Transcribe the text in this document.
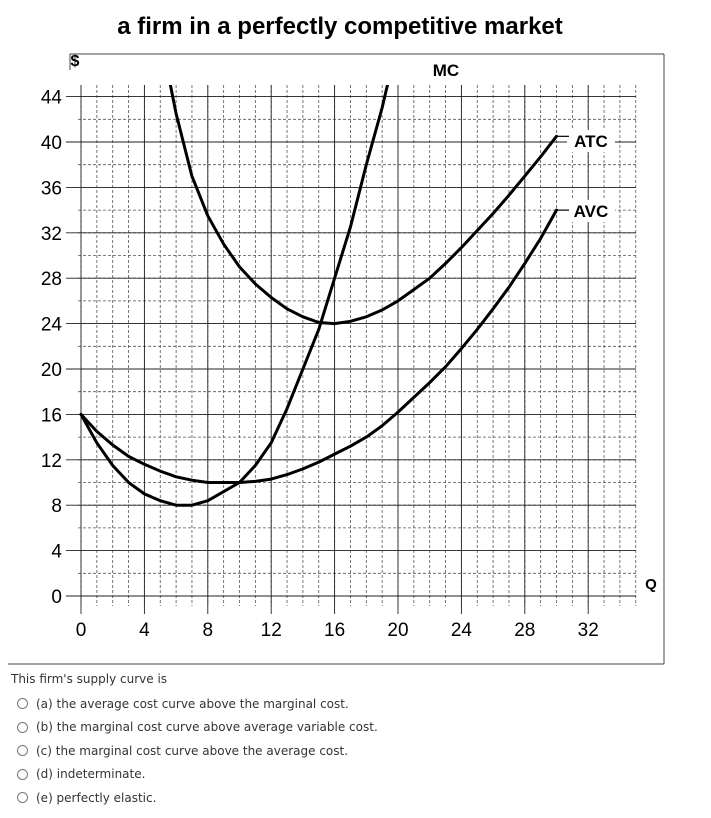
a firm in a perfectly competitive market
$
Q
0
4
8
12
16
20
24
28
32
36
40
44
0	4	8	12 16 20 24 28 32
MC
ATC
AVC

This firm's supply curve is

(a) the average cost curve above the marginal cost.
(b) the marginal cost curve above average variable cost.
(c) the marginal cost curve above the average cost.
(d) indeterminate.
(e) perfectly elastic.
